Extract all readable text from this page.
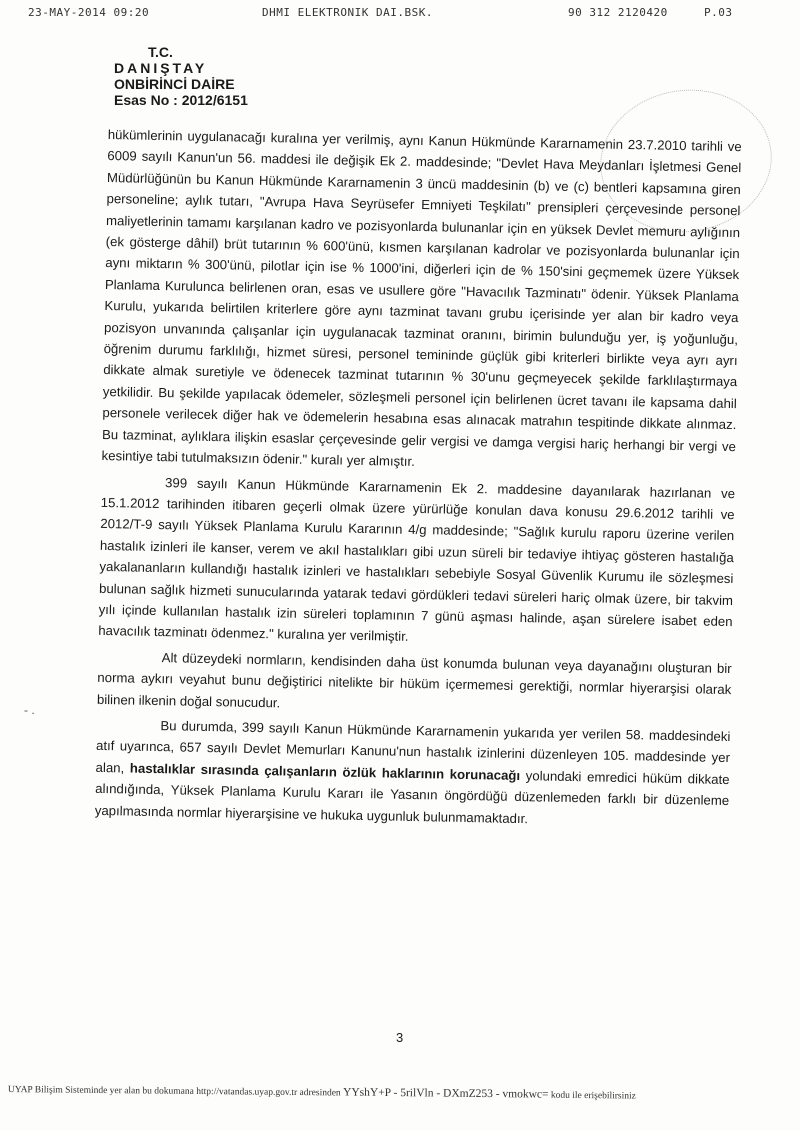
23-MAY-2014 09:20	DHMI ELEKTRONIK DAI.BSK.	90 312 2120420	P.03
T.C.
DANIŞTAY
ONBİRİNCİ DAİRE
Esas No : 2012/6151
- .

hükümlerinin uygulanacağı kuralına yer verilmiş, aynı Kanun Hükmünde Kararnamenin 23.7.2010 tarihli ve 6009 sayılı Kanun'un 56. maddesi ile değişik Ek 2. maddesinde; "Devlet Hava Meydanları İşletmesi Genel Müdürlüğünün bu Kanun Hükmünde Kararnamenin 3 üncü maddesinin (b) ve (c) bentleri kapsamına giren personeline; aylık tutarı, "Avrupa Hava Seyrüsefer Emniyeti Teşkilatı" prensipleri çerçevesinde personel maliyetlerinin tamamı karşılanan kadro ve pozisyonlarda bulunanlar için en yüksek Devlet memuru aylığının (ek gösterge dâhil) brüt tutarının % 600'ünü, kısmen karşılanan kadrolar ve pozisyonlarda bulunanlar için aynı miktarın % 300'ünü, pilotlar için ise % 1000'ini, diğerleri için de % 150'sini geçmemek üzere Yüksek Planlama Kurulunca belirlenen oran, esas ve usullere göre "Havacılık Tazminatı" ödenir. Yüksek Planlama Kurulu, yukarıda belirtilen kriterlere göre aynı tazminat tavanı grubu içerisinde yer alan bir kadro veya pozisyon unvanında çalışanlar için uygulanacak tazminat oranını, birimin bulunduğu yer, iş yoğunluğu, öğrenim durumu farklılığı, hizmet süresi, personel temininde güçlük gibi kriterleri birlikte veya ayrı ayrı dikkate almak suretiyle ve ödenecek tazminat tutarının % 30'unu geçmeyecek şekilde farklılaştırmaya yetkilidir. Bu şekilde yapılacak ödemeler, sözleşmeli personel için belirlenen ücret tavanı ile kapsama dahil personele verilecek diğer hak ve ödemelerin hesabına esas alınacak matrahın tespitinde dikkate alınmaz. Bu tazminat, aylıklara ilişkin esaslar çerçevesinde gelir vergisi ve damga vergisi hariç herhangi bir vergi ve kesintiye tabi tutulmaksızın ödenir." kuralı yer almıştır.

399 sayılı Kanun Hükmünde Kararnamenin Ek 2. maddesine dayanılarak hazırlanan ve 15.1.2012 tarihinden itibaren geçerli olmak üzere yürürlüğe konulan dava konusu 29.6.2012 tarihli ve 2012/T-9 sayılı Yüksek Planlama Kurulu Kararının 4/g maddesinde; "Sağlık kurulu raporu üzerine verilen hastalık izinleri ile kanser, verem ve akıl hastalıkları gibi uzun süreli bir tedaviye ihtiyaç gösteren hastalığa yakalananların kullandığı hastalık izinleri ve hastalıkları sebebiyle Sosyal Güvenlik Kurumu ile sözleşmesi bulunan sağlık hizmeti sunucularında yatarak tedavi gördükleri tedavi süreleri hariç olmak üzere, bir takvim yılı içinde kullanılan hastalık izin süreleri toplamının 7 günü aşması halinde, aşan sürelere isabet eden havacılık tazminatı ödenmez." kuralına yer verilmiştir.

Alt düzeydeki normların, kendisinden daha üst konumda bulunan veya dayanağını oluşturan bir norma aykırı veyahut bunu değiştirici nitelikte bir hüküm içermemesi gerektiği, normlar hiyerarşisi olarak bilinen ilkenin doğal sonucudur.

Bu durumda, 399 sayılı Kanun Hükmünde Kararnamenin yukarıda yer verilen 58. maddesindeki atıf uyarınca, 657 sayılı Devlet Memurları Kanunu'nun hastalık izinlerini düzenleyen 105. maddesinde yer alan, hastalıklar sırasında çalışanların özlük haklarının korunacağı yolundaki emredici hüküm dikkate alındığında, Yüksek Planlama Kurulu Kararı ile Yasanın öngördüğü düzenlemeden farklı bir düzenleme yapılmasında normlar hiyerarşisine ve hukuka uygunluk bulunmamaktadır.

3
UYAP Bilişim Sisteminde yer alan bu dokumana http://vatandas.uyap.gov.tr adresinden YYshY+P - 5rilVln - DXmZ253 - vmokwc= kodu ile erişebilirsiniz
